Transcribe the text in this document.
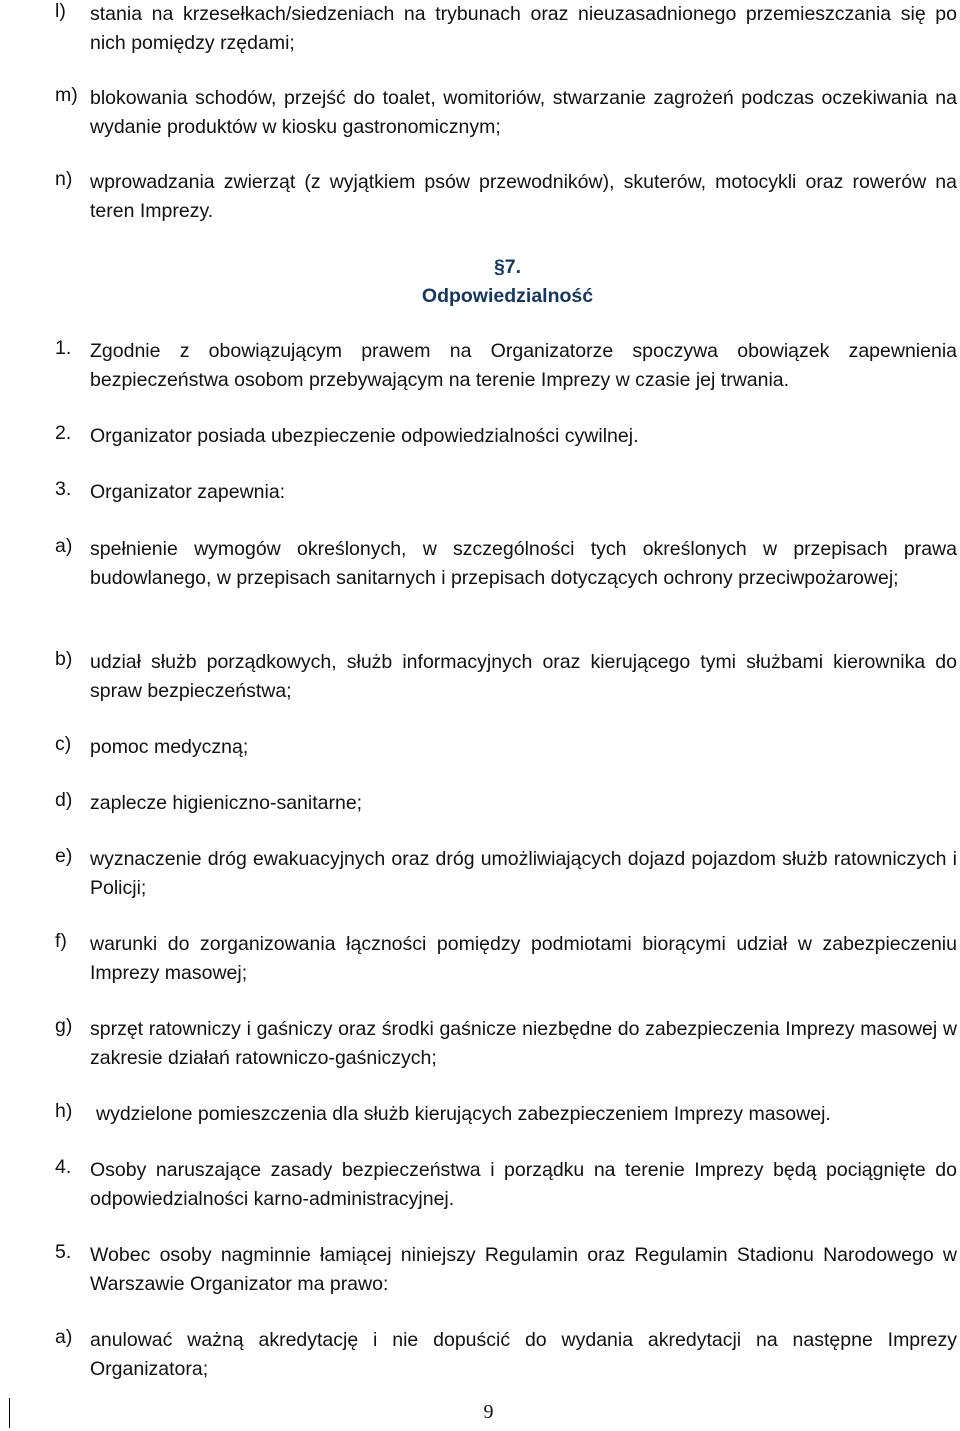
l) stania na krzesełkach/siedzeniach na trybunach oraz nieuzasadnionego przemieszczania się po nich pomiędzy rzędami;
m) blokowania schodów, przejść do toalet, womitoriów, stwarzanie zagrożeń podczas oczekiwania na wydanie produktów w kiosku gastronomicznym;
n) wprowadzania zwierząt (z wyjątkiem psów przewodników), skuterów, motocykli oraz rowerów na teren Imprezy.
§7.
Odpowiedzialność
1. Zgodnie z obowiązującym prawem na Organizatorze spoczywa obowiązek zapewnienia bezpieczeństwa osobom przebywającym na terenie Imprezy w czasie jej trwania.
2. Organizator posiada ubezpieczenie odpowiedzialności cywilnej.
3. Organizator zapewnia:
a) spełnienie wymogów określonych, w szczególności tych określonych w przepisach prawa budowlanego, w przepisach sanitarnych i przepisach dotyczących ochrony przeciwpożarowej;
b) udział służb porządkowych, służb informacyjnych oraz kierującego tymi służbami kierownika do spraw bezpieczeństwa;
c) pomoc medyczną;
d) zaplecze higieniczno-sanitarne;
e) wyznaczenie dróg ewakuacyjnych oraz dróg umożliwiających dojazd pojazdom służb ratowniczych i Policji;
f) warunki do zorganizowania łączności pomiędzy podmiotami biorącymi udział w zabezpieczeniu Imprezy masowej;
g) sprzęt ratowniczy i gaśniczy oraz środki gaśnicze niezbędne do zabezpieczenia Imprezy masowej w zakresie działań ratowniczo-gaśniczych;
h) wydzielone pomieszczenia dla służb kierujących zabezpieczeniem Imprezy masowej.
4. Osoby naruszające zasady bezpieczeństwa i porządku na terenie Imprezy będą pociągnięte do odpowiedzialności karno-administracyjnej.
5. Wobec osoby nagminnie łamiącej niniejszy Regulamin oraz Regulamin Stadionu Narodowego w Warszawie Organizator ma prawo:
a) anulować ważną akredytację i nie dopuścić do wydania akredytacji na następne Imprezy Organizatora;
9
